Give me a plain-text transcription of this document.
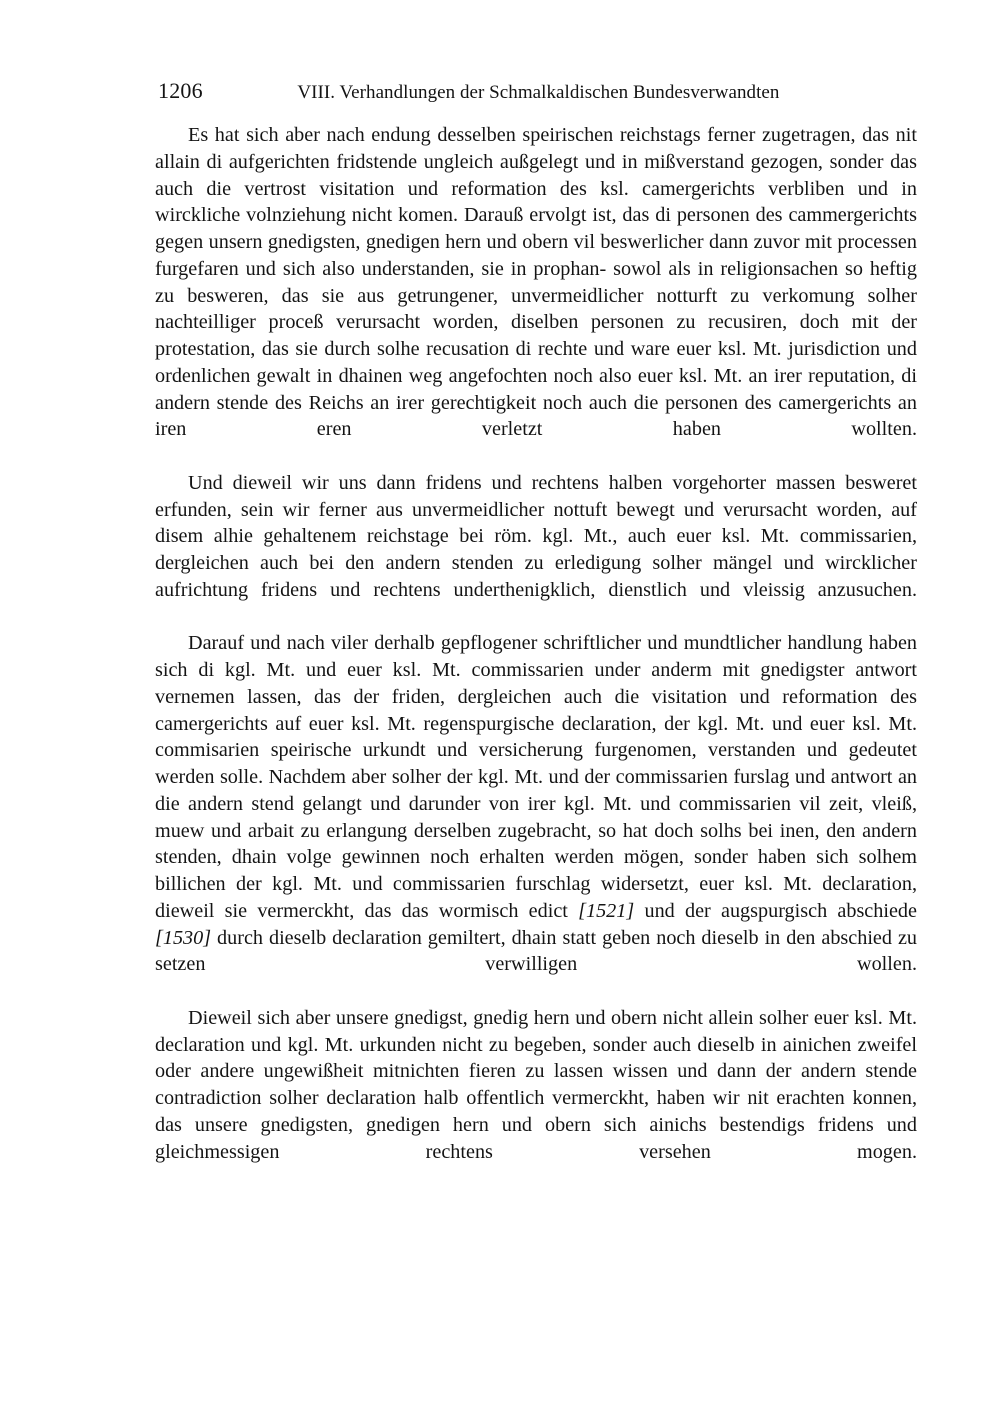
1206	VIII. Verhandlungen der Schmalkaldischen Bundesverwandten

Es hat sich aber nach endung desselben speirischen reichstags ferner zugetragen, das nit allain di aufgerichten fridstende ungleich außgelegt und in mißverstand gezogen, sonder das auch die vertrost visitation und reformation des ksl. camergerichts verbliben und in wirckliche volnziehung nicht komen. Darauß ervolgt ist, das di personen des cammergerichts gegen unsern gnedigsten, gnedigen hern und obern vil beswerlicher dann zuvor mit processen furgefaren und sich also understanden, sie in prophan- sowol als in religionsachen so heftig zu besweren, das sie aus getrungener, unvermeidlicher notturft zu verkomung solher nachteilliger proceß verursacht worden, diselben personen zu recusiren, doch mit der protestation, das sie durch solhe recusation di rechte und ware euer ksl. Mt. jurisdiction und ordenlichen gewalt in dhainen weg angefochten noch also euer ksl. Mt. an irer reputation, di andern stende des Reichs an irer gerechtigkeit noch auch die personen des camergerichts an iren eren verletzt haben wollten.

Und dieweil wir uns dann fridens und rechtens halben vorgehorter massen besweret erfunden, sein wir ferner aus unvermeidlicher nottuft bewegt und verursacht worden, auf disem alhie gehaltenem reichstage bei röm. kgl. Mt., auch euer ksl. Mt. commissarien, dergleichen auch bei den andern stenden zu erledigung solher mängel und wircklicher aufrichtung fridens und rechtens underthenigklich, dienstlich und vleissig anzusuchen.

Darauf und nach viler derhalb gepflogener schriftlicher und mundtlicher handlung haben sich di kgl. Mt. und euer ksl. Mt. commissarien under anderm mit gnedigster antwort vernemen lassen, das der friden, dergleichen auch die visitation und reformation des camergerichts auf euer ksl. Mt. regenspurgische declaration, der kgl. Mt. und euer ksl. Mt. commisarien speirische urkundt und versicherung furgenomen, verstanden und gedeutet werden solle. Nachdem aber solher der kgl. Mt. und der commissarien furslag und antwort an die andern stend gelangt und darunder von irer kgl. Mt. und commissarien vil zeit, vleiß, muew und arbait zu erlangung derselben zugebracht, so hat doch solhs bei inen, den andern stenden, dhain volge gewinnen noch erhalten werden mögen, sonder haben sich solhem billichen der kgl. Mt. und commissarien furschlag widersetzt, euer ksl. Mt. declaration, dieweil sie vermerckht, das das wormisch edict [1521] und der augspurgisch abschiede [1530] durch dieselb declaration gemiltert, dhain statt geben noch dieselb in den abschied zu setzen verwilligen wollen.

Dieweil sich aber unsere gnedigst, gnedig hern und obern nicht allein solher euer ksl. Mt. declaration und kgl. Mt. urkunden nicht zu begeben, sonder auch dieselb in ainichen zweifel oder andere ungewißheit mitnichten fieren zu lassen wissen und dann der andern stende contradiction solher declaration halb offentlich vermerckht, haben wir nit erachten konnen, das unsere gnedigsten, gnedigen hern und obern sich ainichs bestendigs fridens und gleichmessigen rechtens versehen mogen.
